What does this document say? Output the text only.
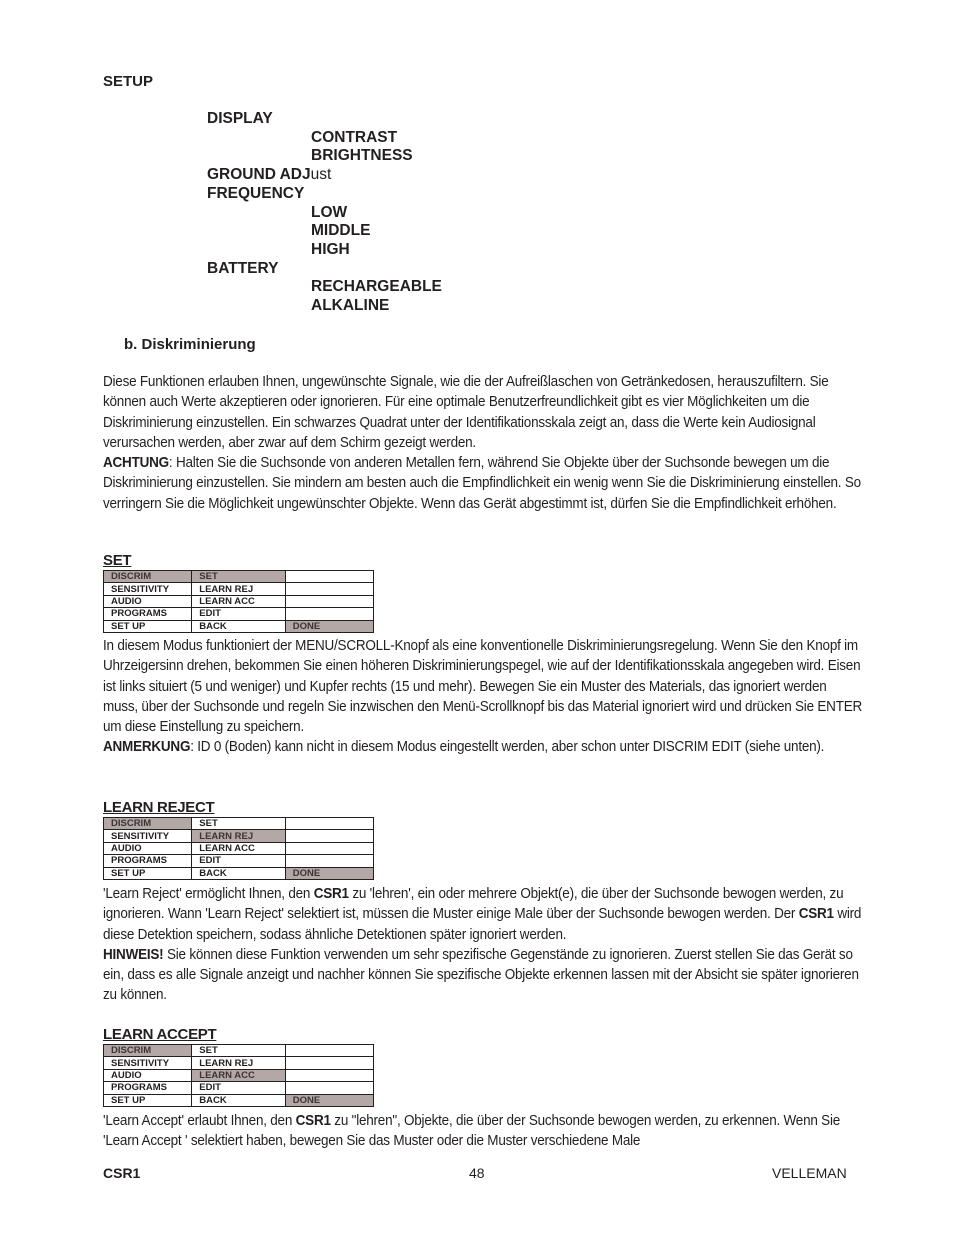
SETUP
DISPLAY
CONTRAST
BRIGHTNESS
GROUND ADJust
FREQUENCY
LOW
MIDDLE
HIGH
BATTERY
RECHARGEABLE
ALKALINE
b. Diskriminierung
Diese Funktionen erlauben Ihnen, ungewünschte Signale, wie die der Aufreißlaschen von Getränkedosen, herauszufiltern. Sie können auch Werte akzeptieren oder ignorieren. Für eine optimale Benutzerfreundlichkeit gibt es vier Möglichkeiten um die Diskriminierung einzustellen. Ein schwarzes Quadrat unter der Identifikationsskala zeigt an, dass die Werte kein Audiosignal verursachen werden, aber zwar auf dem Schirm gezeigt werden.
ACHTUNG: Halten Sie die Suchsonde von anderen Metallen fern, während Sie Objekte über der Suchsonde bewegen um die Diskriminierung einzustellen. Sie mindern am besten auch die Empfindlichkeit ein wenig wenn Sie die Diskriminierung einstellen. So verringern Sie die Möglichkeit ungewünschter Objekte. Wenn das Gerät abgestimmt ist, dürfen Sie die Empfindlichkeit erhöhen.
SET
DISCRIM	SET	
SENSITIVITY	LEARN REJ	
AUDIO	LEARN ACC	
PROGRAMS	EDIT	
SET UP	BACK	DONE
In diesem Modus funktioniert der MENU/SCROLL-Knopf als eine konventionelle Diskriminierungsregelung. Wenn Sie den Knopf im Uhrzeigersinn drehen, bekommen Sie einen höheren Diskriminierungspegel, wie auf der Identifikationsskala angegeben wird. Eisen ist links situiert (5 und weniger) und Kupfer rechts (15 und mehr). Bewegen Sie ein Muster des Materials, das ignoriert werden muss, über der Suchsonde und regeln Sie inzwischen den Menü-Scrollknopf bis das Material ignoriert wird und drücken Sie ENTER um diese Einstellung zu speichern.
ANMERKUNG: ID 0 (Boden) kann nicht in diesem Modus eingestellt werden, aber schon unter DISCRIM EDIT (siehe unten).
LEARN REJECT
DISCRIM	SET	
SENSITIVITY	LEARN REJ	
AUDIO	LEARN ACC	
PROGRAMS	EDIT	
SET UP	BACK	DONE
'Learn Reject' ermöglicht Ihnen, den CSR1 zu 'lehren', ein oder mehrere Objekt(e), die über der Suchsonde bewogen werden, zu ignorieren. Wann 'Learn Reject' selektiert ist, müssen die Muster einige Male über der Suchsonde bewogen werden. Der CSR1 wird diese Detektion speichern, sodass ähnliche Detektionen später ignoriert werden.
HINWEIS! Sie können diese Funktion verwenden um sehr spezifische Gegenstände zu ignorieren. Zuerst stellen Sie das Gerät so ein, dass es alle Signale anzeigt und nachher können Sie spezifische Objekte erkennen lassen mit der Absicht sie später ignorieren zu können.
LEARN ACCEPT
DISCRIM	SET	
SENSITIVITY	LEARN REJ	
AUDIO	LEARN ACC	
PROGRAMS	EDIT	
SET UP	BACK	DONE
'Learn Accept' erlaubt Ihnen, den CSR1 zu "lehren", Objekte, die über der Suchsonde bewogen werden, zu erkennen. Wenn Sie 'Learn Accept ' selektiert haben, bewegen Sie das Muster oder die Muster verschiedene Male
CSR1	48	VELLEMAN
